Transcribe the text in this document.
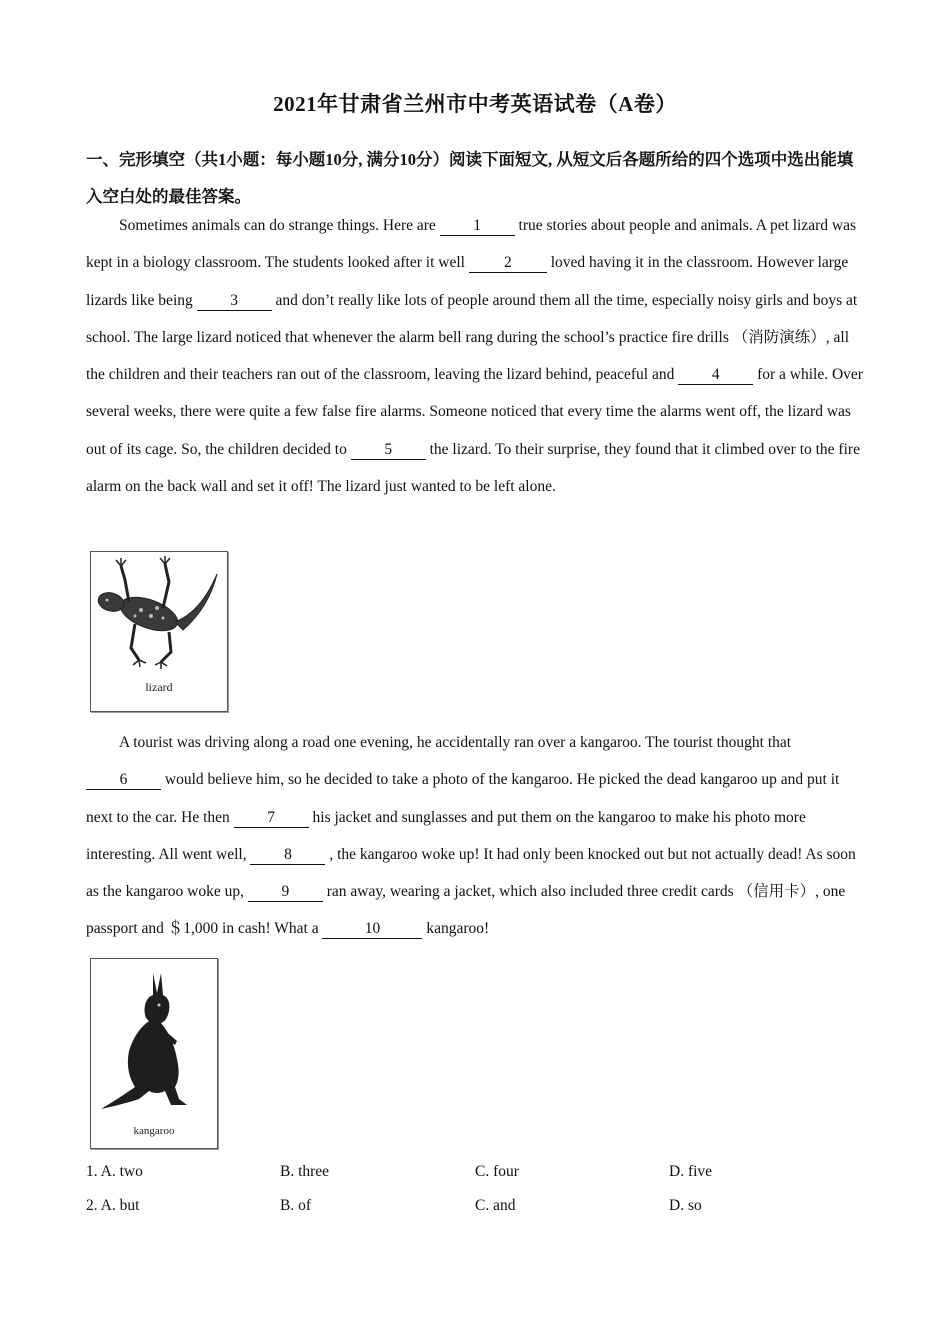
2021年甘肃省兰州市中考英语试卷（A卷）
一、完形填空（共1小题：每小题10分, 满分10分）阅读下面短文, 从短文后各题所给的四个选项中选出能填入空白处的最佳答案。

Sometimes animals can do strange things. Here are 1 true stories about people and animals. A pet lizard was kept in a biology classroom. The students looked after it well 2 loved having it in the classroom. However large lizards like being 3 and don’t really like lots of people around them all the time, especially noisy girls and boys at school. The large lizard noticed that whenever the alarm bell rang during the school’s practice fire drills （消防演练）, all the children and their teachers ran out of the classroom, leaving the lizard behind, peaceful and 4 for a while. Over several weeks, there were quite a few false fire alarms. Someone noticed that every time the alarms went off, the lizard was out of its cage. So, the children decided to 5 the lizard. To their surprise, they found that it climbed over to the fire alarm on the back wall and set it off! The lizard just wanted to be left alone.

lizard

A tourist was driving along a road one evening, he accidentally ran over a kangaroo. The tourist thought that 6 would believe him, so he decided to take a photo of the kangaroo. He picked the dead kangaroo up and put it next to the car. He then 7 his jacket and sunglasses and put them on the kangaroo to make his photo more interesting. All went well, 8 , the kangaroo woke up! It had only been knocked out but not actually dead! As soon as the kangaroo woke up, 9 ran away, wearing a jacket, which also included three credit cards （信用卡）, one passport and ＄1,000 in cash! What a	10	kangaroo!

kangaroo
1. A. two	B. three	C. four	D. five
2. A. but	B. of	C. and	D. so
